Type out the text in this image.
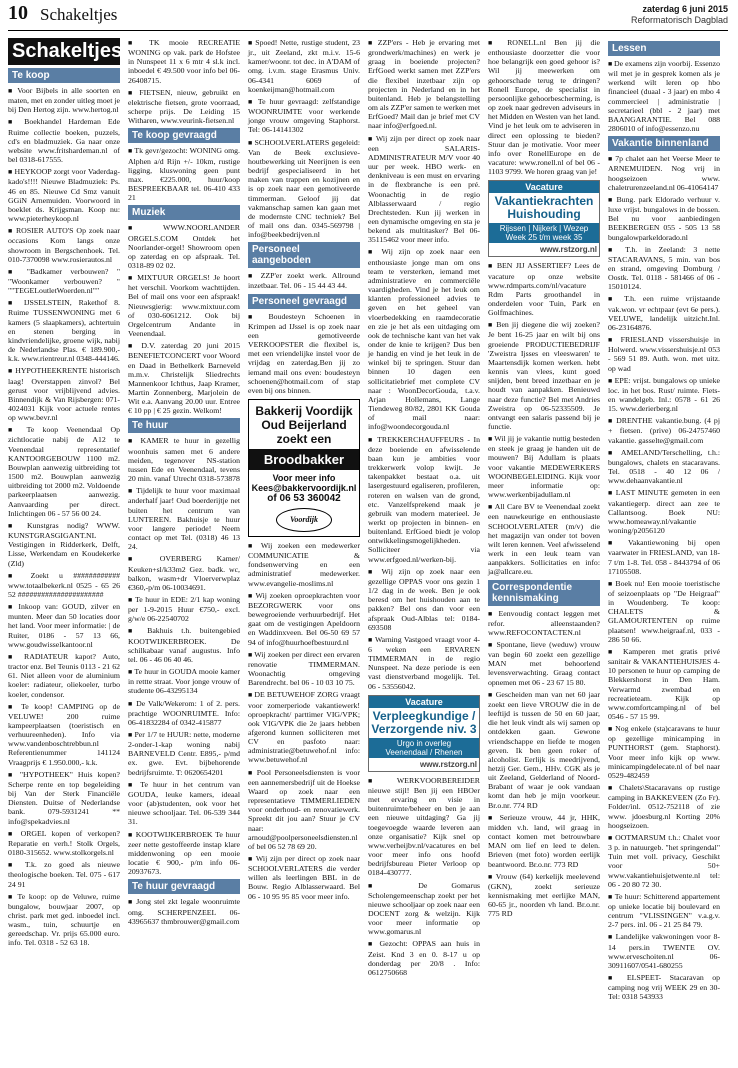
10 Schakeltjes	zaterdag 6 juni 2015
Reformatorisch Dagblad
Schakeltjes
Te koop
■ Voor Bijbels in alle soorten en maten, met en zonder uitleg moet je bij Den Hertog zijn. www.hertog.nl
■ Boekhandel Hardeman Ede Ruime collectie boeken, puzzels, cd's en bladmuziek. Ga naar onze website www.fritshardeman.nl of bel 0318-617555.
■ HEYKOOP zorgt voor Vaderdag-kado's!!!! Nieuwe Bladmuziek: Ps. 46 en 85. Nieuwe Cd Smz vanuit GGiN Arnemuiden. Voorwoord in boeklet ds. Krijgsman. Koop nu: www.pieterheykoop.nl
■ ROSIER AUTO'S Op zoek naar occasions Kom langs onze showroom in Bergschenhoek. Tel. 010-7370098 www.rosierautos.nl
■ "Badkamer verbouwen? " "Woonkamer verbouwen? " ""TEGELoutletWoerden.nl""
■ IJSSELSTEIN, Rakethof 8. Ruime TUSSENWONING met 6 kamers (5 slaapkamers), achtertuin en stenen berging in kindvriendelijke, groene wijk, nabij de Nederlandse Plas. € 189.900,- k.k. www.rientreur.nl 0348-444146.
■ HYPOTHEEKRENTE historisch laag! Overstappen zinvol? Bel gerust voor vrijblijvend advies. Binnendijk & Van Rijsbergen: 071-4024031 Kijk voor actuele rentes op www.bevr.nl
■ Te koop Veenendaal Op zichtlocatie nabij de A12 te Veenendaal representatief KANTOORGEBOUW 1100 m2. Bouwplan aanwezig uitbreiding tot 1500 m2. Bouwplan aanwezig uitbreiding tot 2000 m2. Voldoende parkeerplaatsen aanwezig. Aanvaarding per direct. Inlichtingen 06 - 57 56 00 24.
■ Kunstgras nodig? WWW. KUNSTGRASGIGANT.NL Vestigingen in Ridderkerk, Delft, Lisse, Werkendam en Koudekerke (Zld)
■ Zoekt u ############ www.totaalbekerk.nl 0525 - 65 26 52 ######################
■ Inkoop van: GOUD, zilver en munten. Meer dan 50 locaties door het land. Voor meer informatie: | de Ruiter, 0186 - 57 13 66, www.goudwisselkantoor.nl
■ RADIATEUR kapot? Auto, tractor enz. Bel Teunis 0113 - 21 62 61. Niet alleen voor de aluminium koeler: radiateur, oliekoeler, turbo koeler, condensor.
■ Te koop! CAMPING op de VELUWE! 200 ruime kampeerplaatsen (toeristisch en verhuureenheden). Info via www.vandenboschtrebbun.nl Referentienummer 141124 Vraagprijs € 1.950.000,- k.k.
■ "HYPOTHEEK" Huis kopen? Scherpe rente en top begeleiding bij Van der Sterk Financiële Diensten. Duitse of Nederlandse bank. 079-5931241 ** info@spekadvies.nl
■ ORGEL kopen of verkopen? Reparatie en verh.! Stolk Orgels, 0180-315652. www.stolkorgels.nl
■ T.k. zo goed als nieuwe theologische boeken. Tel. 075 - 617 24 91
■ Te koop: op de Veluwe, ruime bungalow, bouwjaar 2007, op christ. park met ged. inboedel incl. wasm., tuin, schuurtje en gereedschap. Vr. prijs 65.000 euro. info. Tel. 0318 - 52 63 18.
■ TK mooie RECREATIE WONING op vak. park de Hofstee in Nunspeet 11 x 6 mtr 4 sl.k incl. inboedel € 49.500 voor info bel 06-26408715.
■ FIETSEN, nieuw, gebruikt en elektrische fietsen, grote voorraad, scherpe prijs. De Leiding 15 Witharen, www.veurink-fietsen.nl
Te koop gevraagd
■ Tk gevr/gezocht: WONING omg. Alphen a/d Rijn +/- 10km, rustige ligging, kluswoning geen punt max. €225.000, huur/koop BESPREEKBAAR tel. 06-410 433 21
Muziek
■ WWW.NOORLANDER ORGELS.COM Ontdek het Noorlander-orgel! Showroom open op zaterdag en op afspraak. Tel. 0318-89 02 02.
■ MIXTUUR ORGELS! Je hoort het verschil. Voorkom wachttijden. Bel of mail ons voor een afspraak! Nieuwsgierig: www.mixtuur.com of 030-6061212. Ook bij Orgelcentrum Andante in Veenendaal.
■ D.V. zaterdag 20 juni 2015 BENEFIETCONCERT voor Woord en Daad in Bethelkerk Barneveld m.m.v. Christelijk Sliedrechts Mannenkoor Ichthus, Jaap Kramer, Martin Zonnenberg, Marjolein de Wit e.a. Aanvang 20.00 uur. Entree € 10 pp | € 25 gezin. Welkom!
Te huur
■ KAMER te huur in gezellig woonhuis samen met 6 andere meiden, tegenover NS-station tussen Ede en Veenendaal, tevens 20 min. vanaf Utrecht 0318-573878
■ Tijdelijk te huur voor maximaal anderhalf jaar! Oud boerderijtje net buiten het centrum van LUNTEREN. Bakhuisje te huur voor langere periode! Neem contact op met Tel. (0318) 46 13 24.
■ OVERBERG Kamer/ Keuken+sl/k33m2 Gez. badk. wc, balkon, wasm+dr Vloerverwplaz €360,-p/m 06-10034691.
■ Te huur in EDE: 2/1 kap woning per 1-9-2015 Huur €750,- excl. g/w/e 06-22540702
■ Bakhuis t.h. buitengebied KOOTWIJKERBROEK. De schilkabaar vanaf augustus. Info tel. 06 - 46 06 40 46.
■ Te huur in GOUDA mooie kamer in rettte straat. Voor jonge vrouw of studente 06-43295134
■ De Valk/Wekerom: 1 of 2. pers. prachtige WOONRUIMTE. Info: 06-41832284 of 0342-415877
■ Per 1/7 te HUUR: nette, moderne 2-onder-1-kap woning nabij BARNEVELD Centr. E895,- p/md ex. gwe. Evt. bijbehorende bedrijfsruimte. T: 0620654201
■ Te huur in het centrum van GOUDA, leuke kamers, ideaal voor (ab)studenten, ook voor het nieuwe schooljaar. Tel. 06-539 344 31.
■ KOOTWIJKERBROEK Te huur zeer nette gestoffeerde instap klare middenwoning op een mooie locatie € 900,- p/m info 06-20937673.
Te huur gevraagd
■ Jong stel zkt legale woonruimte omg. SCHERPENZEEL 06-43965637 thmbrouwer@gmail.com
■ Spoed! Nette, rustige student, 23 jr., uit Zeeland, zkt m.i.v. 15-6 kamer/woonr. tot dec. in A'DAM of omg. i.v.m. stage Erasmus Univ. 06-4341 6069 of koenkeijman@hotmail.com
■ Te huur gevraagd: zelfstandige WOONRUIMTE voor werkende jonge vrouw omgeving Staphorst. Tel: 06-14141302
■ SCHOOLVERLATERS gegeleid: Van de Beek exclusieve-houtbewerking uit Neerijnen is een bedrijf gespecialiseerd in het maken van trappen en kozijnen en is op zoek naar een gemotiveerde timmerman. Geloof jij dat vakmanschap samen kan gaan met de modernste CNC techniek? Bel of mail ons dan. 0345-569798 | info@beekbedrijven.nl
Personeel aangeboden
■ ZZP'er zoekt werk. Allround inzetbaar. Tel. 06 - 15 44 43 44.
Personeel gevraagd
■ Boudesteyn Schoenen in Krimpen ad IJssel is op zoek naar een gemotiveerde VERKOOPSTER die flexibel is, met een vriendelijke instel voor de vrijdag en zaterdag.Ben jij zo iemand mail ons even: boudesteyn schoenen@hotmail.com of stap even bij ons binnen.
Bakkerij Voordijk
Oud Beijerland
zoekt een
Broodbakker
Voor meer info
Kees@bakkervoordijk.nl
of 06 53 360042
Voordijk
■ Wij zoeken een medewerker COMMUNICATIE & fondsenwerving en een administratief medewerker. www.evangelie-moslims.nl
■ Wij zoeken oproepkrachten voor BEZORGWERK voor ons bewegroeiende verhuurbedrijf. Het gaat om de vestigingen Apeldoorn en Waddinxveen. Bel 06-50 69 57 94 of info@huurhoefbestuurd.nl
■ Wij zoeken per direct een ervaren renovatie TIMMERMAN. Woonachtig omgeving Barendrecht. bel 06 - 10 03 10 75.
■ DE BETUWEHOF ZORG vraagt voor zomerperiode vakantiewerk! oproepkracht/ parttimer VIG/VPK; ook VIG/VPK die 2e jaars hebben afgerond kunnen solliciteren met CV en pasfoto naar: administratie@betuwehof.nl info: www.betuwehof.nl
■ Pool Personeelsdiensten is voor een aannemersbedrijf uit de Hoekse Waard op zoek naar een representatieve TIMMERLIEDEN voor onderhoud- en renovatiewerk. Spreekt dit jou aan? Stuur je CV naar: arnoud@poolpersoneelsdiensten.nl of bel 06 52 78 69 20.
■ Wij zijn per direct op zoek naar SCHOOLVERLATERS die verder willen als leerlingen BBL in de Bouw. Regio Alblasserwaard. Bel 06 - 10 95 95 85 voor meer info.
■ ZZP'ers - Heb je ervaring met grondwerk/machines) en werk je graag in boeiende projecten? ErfGoed werkt samen met ZZP'ers die flexibel inzetbaar zijn op projecten in Nederland en in het buitenland. Heb je belangstelling om als ZZP'er samen te werken met ErfGoed? Mail dan je brief met CV naar info@erfgoed.nl.
■ Wij zijn per direct op zoek naar een SALARIS-ADMINISTRATEUR M/V voor 40 uur per week. HBO werk- en denkniveau is een must en ervaring in de flexbranche is een pré. Woonachtig in de regio Alblasserwaard / regio Drechtsteden. Kun jij werken in een dynamische omgeving en sta je bekend als multitasker? Bel 06-35115462 voor meer info.
■ Wij zijn op zoek naar een enthousiaste jonge man om ons team te versterken, iemand met administratieve en commerciële vaardigheden. Vind je het leuk om klanten professioneel advies te geven en het geheel van vloerbedekking en raamdecoratie en zie je het als een uitdaging om ook de technische kant van het vak onder de knie te krijgen? Dus ben je handig en vind je het leuk in de winkel bij te springen. Stuur dan binnen 10 dagen een sollicitatiebrief met complete CV naar : WoonDecorGouda, t.a.v. Arjan Hollemans, Lange Tiendeweg 80/82, 2801 KK Gouda of mail naar: info@woondecorgouda.nl
■ TREKKERCHAUFFEURS - In deze boeiende en afwisselende baan kun je ambities voor trekkerwerk volop kwijt. Je takenpakket bestaat o.a. uit lasergestuurd egaliseren, profileren, roteren en walsen van de grond, etc. Vanzelfsprekend maak je gebruik van modern materieel. Je werkt op projecten in binnen- en buitenland. ErfGoed biedt je volop ontwikkelingsmogelijkheden. Solliciteer via www.erfgoed.nl/werken-bij.
■ Wij zijn op zoek naar een gezellige OPPAS voor ons gezin 1 1/2 dag in de week. Ben je ook beresd om het huishouden aan te pakken? Bel ons dan voor een afspraak Oud-Alblas tel: 0184-693508
■ Warning Vastgoed vraagt voor 4-6 weken een ERVAREN TIMMERMAN in de regio Nunspeet. Na deze periode is een vast dienstverband mogelijk. Tel. 06 - 53556042.
Vacature
Verpleegkundige /
Verzorgende niv. 3
Urgo in overleg
Veenendaal / Rhenen
www.rstzorg.nl
■ WERKVOORBEREIDER nieuwe stijl! Ben jij een HBOer met ervaring en visie in buitenruimte/beheer en ben je aan een nieuwe uitdaging? Ga jij toegevoegde waarde leveren aan onze organisatie? Kijk snel op www.verheijbv.nl/vacatures en bel voor meer info ons hoofd bedrijfsbureau Pieter Verloop op 0184-430777.
■ De Gomarus Scholengemeenschap zoekt per het nieuwe schooljaar op zoek naar een DOCENT zorg & welzijn. Kijk voor meer informatie op www.gomarus.nl
■ Gezocht: OPPAS aan huis in Zeist. Knd 3 en 0. 8-17 u op donderdag per 20/8 . Info: 0612750668
■ RONELL.nl Ben jij die enthousiaste doorzetter die voor hoe belangrijk een goed gehoor is? Wil jij meewerken om gehoorschade terug te dringen? Ronell Europe, de specialist in persoonlijke gehoorbescherming, is op zoek naar gedreven adviseurs in het Midden en Westen van het land. Vind je het leuk om te adviseren in direct een oplossing te bieden? Stuur dan je motivatie. Voor meer info over RonellEurope en de vacature: www.ronell.nl of bel 06 - 1103 9799. We horen graag van je!
Vacature
Vakantiekrachten
Huishouding
Rijssen | Nijkerk | Wezep
Week 25 t/m week 35
www.rstzorg.nl
■ BEN JIJ ASSERTIEF? Lees de vacature op onze website www.rdmparts.com/nl/vacature Rdm Parts groothandel in onderdelen voor Tuin, Park en Golfmachines.
■ Ben jij diegene die wij zoeken? Je bent 16-25 jaar en wilt bij ons groeiende PRODUCTIEBEDRIJF 'Zweistra Ijsses en vleeswaren' te Maartensdijk komen werken. hebt kennis van vlees, kunt goed snijden, bent breed inzetbaar en je houdt van aanpakken. Benieuwd naar deze functie? Bel met Andries Zweistra op 06-52335509. Je ontvangt een salaris passend bij je functie.
■ Wil jij je vakantie nuttig besteden en steek je graag je handen uit de mouwen? Bij Adullam is plaats voor vakantie MEDEWERKERS WOONBEGELEIDING. Kijk voor meer informatie op: www.werkenbijadullam.nl
■ All Care BV te Veenendaal zoekt een nauwkeurige en enthousiaste SCHOOLVERLATER (m/v) die het magazijn van onder tot boven wilt leren kennen. Veel afwisselend werk in een leuk team van aanpakkers. Sollicitaties en info: ja@allcare.eu.
Correspondentie kennismaking
■ Eenvoudig contact leggen met refor. alleenstaanden? www.REFOCONTACTEN.nl
■ Spontane, lieve (weduw) vrouw van begin 60 zoekt een gezellige MAN met behoorlend levensverwachting. Graag contact opnemen met 06 - 23 67 15 80.
■ Gescheiden man van net 60 jaar zoekt een lieve VROUW die in de leeftijd is tussen de 50 en 60 jaar, die het leuk vindt als wij samen op ontdekken gaan. Gewone vriendschappe en liefde te mogen geven. Ik ben geen roker of alcoholist. Eerlijk is meedrijvend, hetzij Ger. Gem., HHv. CGK als je uit Zeeland, Gelderland of Noord-Brabant of waar je ook vandaan komt dan heb je mijn voorkeur. Br.o.nr. 774 RD
■ Serieuze vrouw, 44 jr, HHK, midden v.h. land, wil graag in contact komen met betrouwbare MAN om lief en leed te delen. Brieven (met foto) worden eerlijk beantwoord. Br.o.nr. 773 RD
■ Vrouw (64) kerkelijk meelevend (GKN), zoekt serieuze kennismaking met eerlijke MAN, 60-65 jr., noorden vh land. Br.o.nr. 775 RD
Lessen
■ De examens zijn voorbij. Essenzo wil met je in gesprek komen als je werkend wilt leren op hbo financieel (duaal - 3 jaar) en mbo 4 commercieel | administratie | secretarieel (bbl - 2 jaar) met BAANGARANTIE. Bel 088 2806010 of info@essenzo.nu
Vakantie binnenland
■ 7p chalet aan het Veerse Meer te ARNEMUIDEN. Nog vrij in hoogseizoen www. chaletrurenzeeland.nl 06-41064147
■ Bung. park Eldorado verhuur v. luxe vrijst. bungalows in de bossen. Bel nu voor aanbiedingen BEEKBERGEN 055 - 505 13 58 bungalowparkeldorado.nl
■ T.h. in Zeeland: 3 nette STACARAVANS, 5 min. van bos en strand, omgeving Domburg / Oostk. Tel. 0118 - 581466 of 06 - 15010124.
■ T.h. een ruime vrijstaande vak.won. vr echtpaar (evt 6e pers.). VELUWE, landelijk uitzicht.Inl. 06-23164876.
■ FRIESLAND vissershuisje in Holwerd. www.vissershuisje.nl 053 - 569 51 89. Auth. won. met uitz. op wad
■ EPE: vrijst. bungalows op unieke loc. in het bos. Rust/ ruimte. Fiets- en wandelgeb. Inl.: 0578 - 61 26 15. www.derierberg.nl
■ DRENTHE vakantie.bung. (4 pj + fietsen. (prive) 06-24757460 vakantie. gasselte@gmail.com
■ AMELAND/Terschelling, t.h.: bungalows, chalets en stacaravans. Tel. 0518 - 40 12 06 / www.dehaanvakantie.nl
■ LAST MINUTE gemeten in een vakantiegerp. direct aan zee te Callantsoog. Boek NU: www.homeaway.nl/vakantie woning/p2056120
■ Vakantiewoning bij open vaarwater in FRIESLAND, van 18-7 t/m 1-8. Tel. 058 - 8443794 of 06 17105508.
■ Boek nu! Een mooie toeristische of seizoenplaats op "De Heigraaf" in Woudenberg. Te koop: CHALETS & GLAMOURTENTEN op ruime plaatsen! www.heigraaf.nl, 033 - 286 50 66.
■ Kamperen met gratis privé sanitair & VAKANTIEHUISJES 4-10 personen te huur op camping de Blekkershorst in Den Ham. Verwarmd zwembad en recreatieteam. Kijk op www.comfortcamping.nl of bel 0546 - 57 15 99.
■ Nog enkele (sta)caravans te huur op gezellige minicamping in PUNTHORST (gem. Staphorst). Voor meer info kijk op www. minicampingdelecate.nl of bel naar 0529-482459
■ Chalets\Stacaravans op rustige camping in BAKKEVEEN (Zo Fr). Folder/inl. 0512-752118 of zie www. jdoesburg.nl Korting 20% hoogseizoen.
■ OOTMARSUM t.h.: Chalet voor 3 p. in natuurgeb. "het springendal" Tuin met voll. privacy, Geschikt voor 50+ www.vakantiehuisjetwente.nl tel: 06 - 20 80 72 30.
■ Te huur: Schitterend appartement op unieke locatie bij boulevard en centrum "VLISSINGEN" v.a.g.v. 2-7 pers. inl. 06 - 21 25 84 79.
■ Landelijke vakwoningen voor 8-14 pers.in TWENTE OV. www.erveschoiten.nl 06-30911607/0541-680255
■ ELSPEET- Stacaravan op camping nog vrij WEEK 29 en 30- Tel: 0318 543933
